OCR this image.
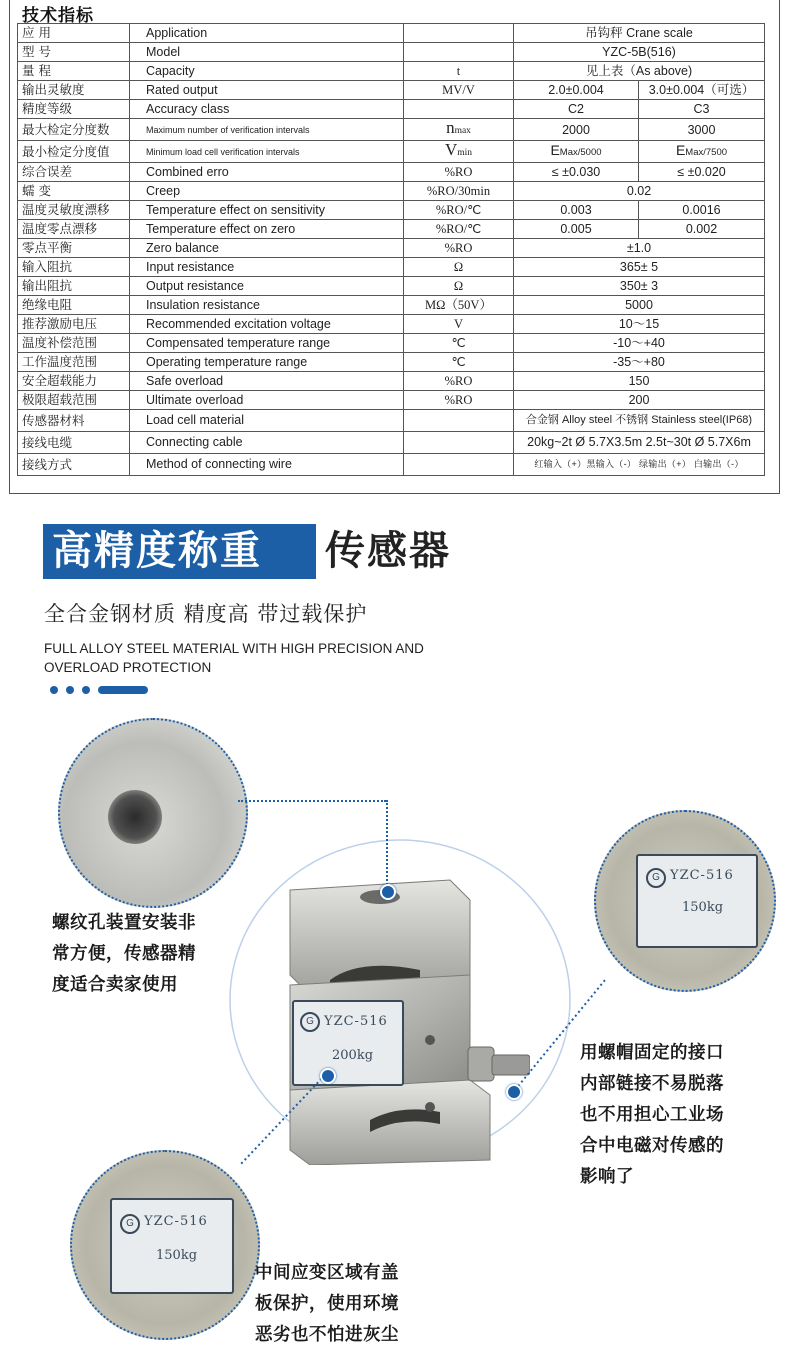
技术指标
应 用	Application		吊钩秤 Crane scale	
型 号	Model		YZC-5B(516)	
量 程	Capacity	t	见上表（As above)	
输出灵敏度	Rated output	MV/V	2.0±0.004	3.0±0.004（可选）
精度等级	Accuracy class		C2	C3
最大检定分度数	Maximum number of verification intervals	nmax	2000	3000
最小检定分度值	Minimum load cell verification intervals	Vmin	EMax/5000	EMax/7500
综合误差	Combined erro	%RO	≤ ±0.030	≤ ±0.020
蠕 变	Creep	%RO/30min	0.02	
温度灵敏度漂移	Temperature effect on sensitivity	%RO/℃	0.003	0.0016
温度零点漂移	Temperature effect on zero	%RO/℃	0.005	0.002
零点平衡	Zero balance	%RO	±1.0	
输入阻抗	Input resistance	Ω	365± 5	
输出阻抗	Output resistance	Ω	350± 3	
绝缘电阻	Insulation resistance	MΩ（50V）	5000	
推荐激励电压	Recommended excitation voltage	V	10～15	
温度补偿范围	Compensated temperature range	℃	-10～+40	
工作温度范围	Operating temperature range	℃	-35～+80	
安全超载能力	Safe overload	%RO	150	
极限超载范围	Ultimate overload	%RO	200	
传感器材料	Load cell material		合金钢 Alloy steel 不锈钢 Stainless steel(IP68)	
接线电缆	Connecting cable		20kg~2t Ø 5.7X3.5m 2.5t~30t Ø 5.7X6m	
接线方式	Method of connecting wire		红输入（+）黑输入（-） 绿输出（+） 白输出（-）	
高精度称重 传感器
全合金钢材质 精度高 带过载保护
FULL ALLOY STEEL MATERIAL WITH HIGH PRECISION AND OVERLOAD PROTECTION
G YZC-516
200kg
G YZC-516
150kg
G YZC-516
150kg
螺纹孔装置安装非
常方便，传感器精
度适合卖家使用
用螺帽固定的接口
内部链接不易脱落
也不用担心工业场
合中电磁对传感的
影响了
中间应变区域有盖
板保护，使用环境
恶劣也不怕进灰尘
